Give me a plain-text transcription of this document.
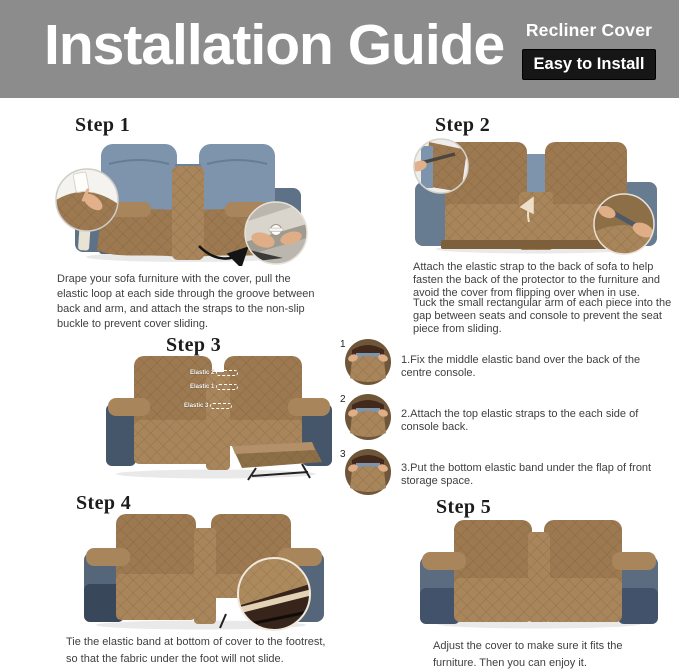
Installation Guide	Recliner Cover
Easy to Install
Step 1
Drape your sofa furniture with the cover, pull the elastic loop at each side through the groove between back and arm, and attach the straps to the non-slip buckle to prevent cover sliding.
Step 2
Attach the elastic strap to the back of sofa to help fasten the back of the protector to the furniture and avoid the cover from flipping over when in use.
Tuck the small rectangular arm of each piece into the gap between seats and console to prevent the seat piece from sliding.
Step 3
Elastic 2
Elastic 1
Elastic 3
1
1.Fix the middle elastic band over the back of the centre console.
2
2.Attach the top elastic straps to the each side of console back.
3
3.Put the bottom elastic band under the flap of front storage space.
Step 4
Tie the elastic band at bottom of cover to the footrest, so that the fabric under the foot will not slide.
Step 5
Adjust the cover to make sure it fits the furniture. Then you can enjoy it.
